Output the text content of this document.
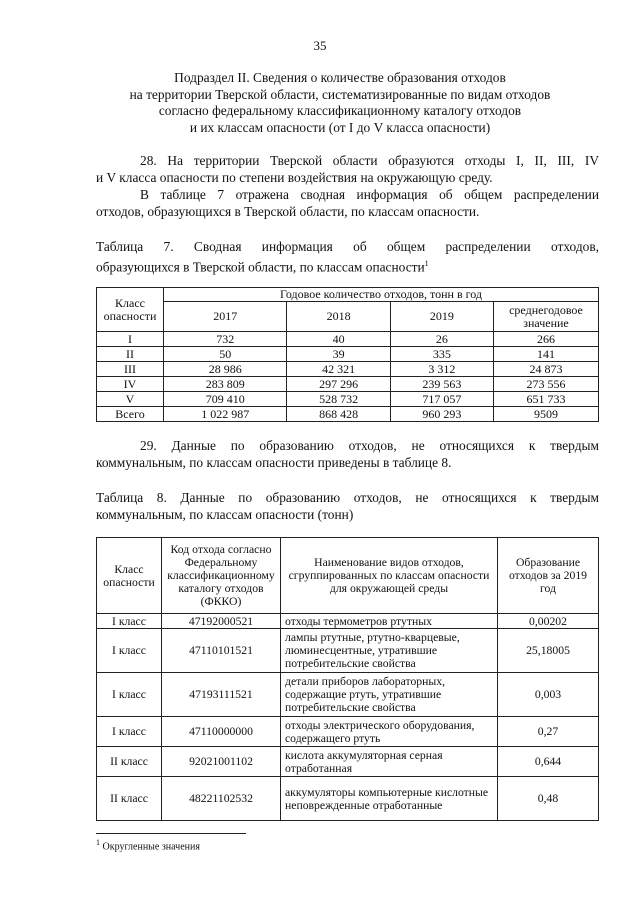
35
Подраздел II. Сведения о количестве образования отходов
на территории Тверской области, систематизированные по видам отходов
согласно федеральному классификационному каталогу отходов
и их классам опасности (от I до V класса опасности)
28. На территории Тверской области образуются отходы I, II, III, IV
и V класса опасности по степени воздействия на окружающую среду.
В таблице 7 отражена сводная информация об общем распределении
отходов, образующихся в Тверской области, по классам опасности.
Таблица 7. Сводная информация об общем распределении отходов,
образующихся в Тверской области, по классам опасности$^1$
Класс опасности	Годовое количество отходов, тонн в год			
	2017	2018	2019	среднегодовое значение
I	732	40	26	266
II	50	39	335	141
III	28 986	42 321	3 312	24 873
IV	283 809	297 296	239 563	273 556
V	709 410	528 732	717 057	651 733
Всего	1 022 987	868 428	960 293	9509
29. Данные по образованию отходов, не относящихся к твердым
коммунальным, по классам опасности приведены в таблице 8.
Таблица 8. Данные по образованию отходов, не относящихся к твердым
коммунальным, по классам опасности (тонн)
Класс опасности	Код отхода согласно Федеральному классификационному каталогу отходов (ФККО)	Наименование видов отходов, сгруппированных по классам опасности для окружающей среды	Образование отходов за 2019 год
I класс	47192000521	отходы термометров ртутных	0,00202
I класс	47110101521	лампы ртутные, ртутно-кварцевые, люминесцентные, утратившие потребительские свойства	25,18005
I класс	47193111521	детали приборов лабораторных, содержащие ртуть, утратившие потребительские свойства	0,003
I класс	47110000000	отходы электрического оборудования, содержащего ртуть	0,27
II класс	92021001102	кислота аккумуляторная серная отработанная	0,644
II класс	48221102532	аккумуляторы компьютерные кислотные неповрежденные отработанные	0,48
$^1$ Округленные значения
